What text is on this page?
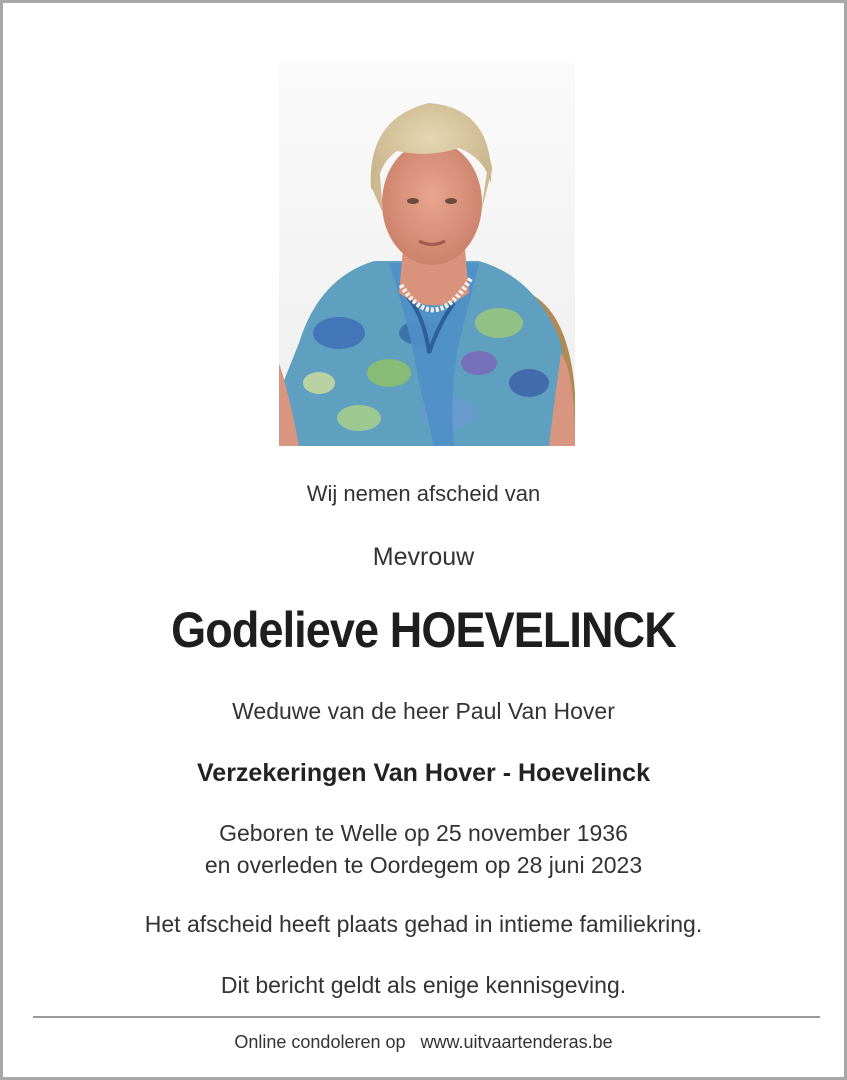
Wij nemen afscheid van
Mevrouw
Godelieve HOEVELINCK
Weduwe van de heer Paul Van Hover
Verzekeringen Van Hover - Hoevelinck
Geboren te Welle op 25 november 1936
en overleden te Oordegem op 28 juni 2023
Het afscheid heeft plaats gehad in intieme familiekring.
Dit bericht geldt als enige kennisgeving.
Online condoleren op www.uitvaartenderas.be
